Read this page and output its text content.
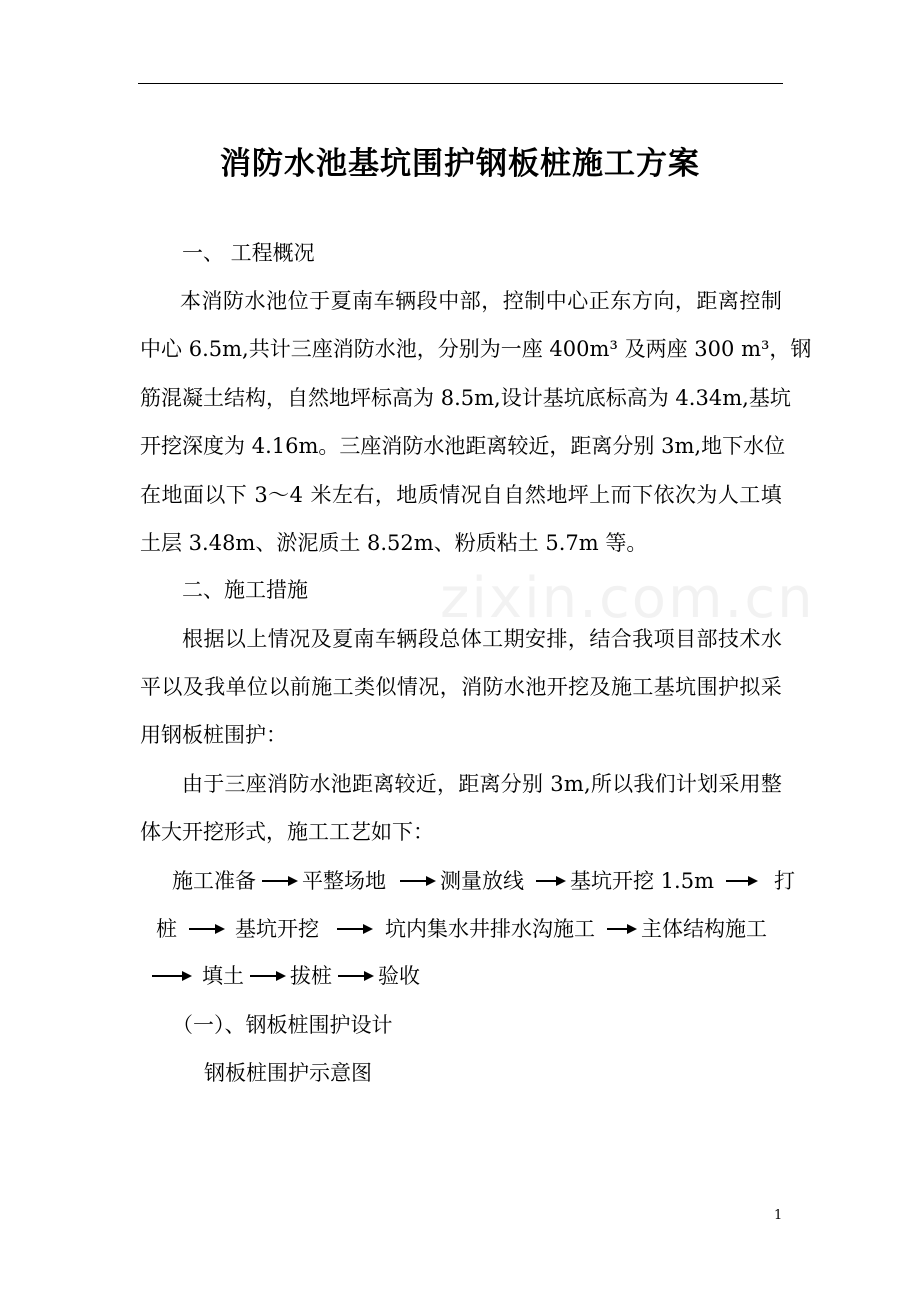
zixin.com.cn
消防水池基坑围护钢板桩施工方案
一、 工程概况
本 消 防 水 池 位 于 夏 南 车 辆 段 中 部 ， 控 制 中 心 正 东 方 向 ， 距 离 控 制
中 心
6 . 5 m , 共 计 三 座 消 防 水 池 ， 分 别 为 一 座
4 0 0 m ³
及 两 座
3 0 0
m ³ ， 钢
筋 混 凝 土 结 构 ， 自 然 地 坪 标 高 为
8 . 5 m , 设 计 基 坑 底 标 高 为
4 . 3 4 m , 基 坑
开 挖 深 度 为
4 . 1 6 m 。 三 座 消 防 水 池 距 离 较 近 ， 距 离 分 别
3 m , 地 下 水 位
在 地 面 以 下
3 ～ 4
米 左 右 ， 地 质 情 况 自 自 然 地 坪 上 而 下 依 次 为 人 工 填
土层 3.48m、淤泥质土 8.52m、粉质粘土 5.7m 等。
二、施工措施
根 据 以 上 情 况 及 夏 南 车 辆 段 总 体 工 期 安 排 ， 结 合 我 项 目 部 技 术 水
平 以 及 我 单 位 以 前 施 工 类 似 情 况 ， 消 防 水 池 开 挖 及 施 工 基 坑 围 护 拟 采
用钢板桩围护：
由 于 三 座 消 防 水 池 距 离 较 近 ， 距 离 分 别
3 m , 所 以 我 们 计 划 采 用 整
体大开挖形式，施工工艺如下：
施工准备 平整场地	测量放线 基坑开挖 1.5m	打
桩	基坑开挖	坑内集水井排水沟施工 主体结构施工
填土 拔桩 验收
（一）、钢板桩围护设计
钢板桩围护示意图
1
